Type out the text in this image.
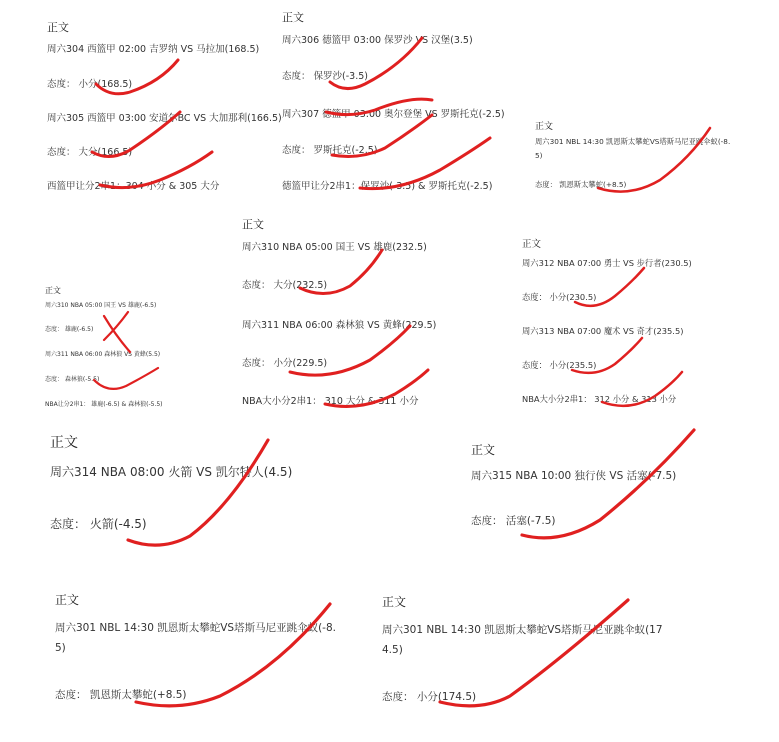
正文
周六304 西篮甲 02:00 吉罗纳 VS 马拉加(168.5)
态度： 小分(168.5)
周六305 西篮甲 03:00 安道尔BC VS 大加那利(166.5)
态度： 大分(166.5)
西篮甲让分2串1：304 小分 & 305 大分
正文
周六306 德篮甲 03:00 保罗沙 VS 汉堡(3.5)
态度： 保罗沙(-3.5)
周六307 德篮甲 03:00 奥尔登堡 VS 罗斯托克(-2.5)
态度： 罗斯托克(-2.5)
德篮甲让分2串1：保罗沙(-3.5) & 罗斯托克(-2.5)
正文
周六301 NBL 14:30 凯恩斯太攀蛇VS塔斯马尼亚跳伞蚁(-8.
5)
态度： 凯恩斯太攀蛇(+8.5)
正文
周六310 NBA 05:00 国王 VS 雄鹿(-6.5)
态度： 雄鹿(-6.5)
周六311 NBA 06:00 森林狼 VS 黄蜂(5.5)
态度： 森林狼(-5.5)
NBA让分2串1： 雄鹿(-6.5) & 森林狼(-5.5)
正文
周六310 NBA 05:00 国王 VS 雄鹿(232.5)
态度： 大分(232.5)
周六311 NBA 06:00 森林狼 VS 黄蜂(229.5)
态度： 小分(229.5)
NBA大小分2串1： 310 大分 & 311 小分
正文
周六312 NBA 07:00 勇士 VS 步行者(230.5)
态度： 小分(230.5)
周六313 NBA 07:00 魔术 VS 奇才(235.5)
态度： 小分(235.5)
NBA大小分2串1： 312 小分 & 313 小分
正文
周六314 NBA 08:00 火箭 VS 凯尔特人(4.5)
态度： 火箭(-4.5)
正文
周六315 NBA 10:00 独行侠 VS 活塞(-7.5)
态度： 活塞(-7.5)
正文
周六301 NBL 14:30 凯恩斯太攀蛇VS塔斯马尼亚跳伞蚁(-8.
5)
态度： 凯恩斯太攀蛇(+8.5)
正文
周六301 NBL 14:30 凯恩斯太攀蛇VS塔斯马尼亚跳伞蚁(17
4.5)
态度： 小分(174.5)
